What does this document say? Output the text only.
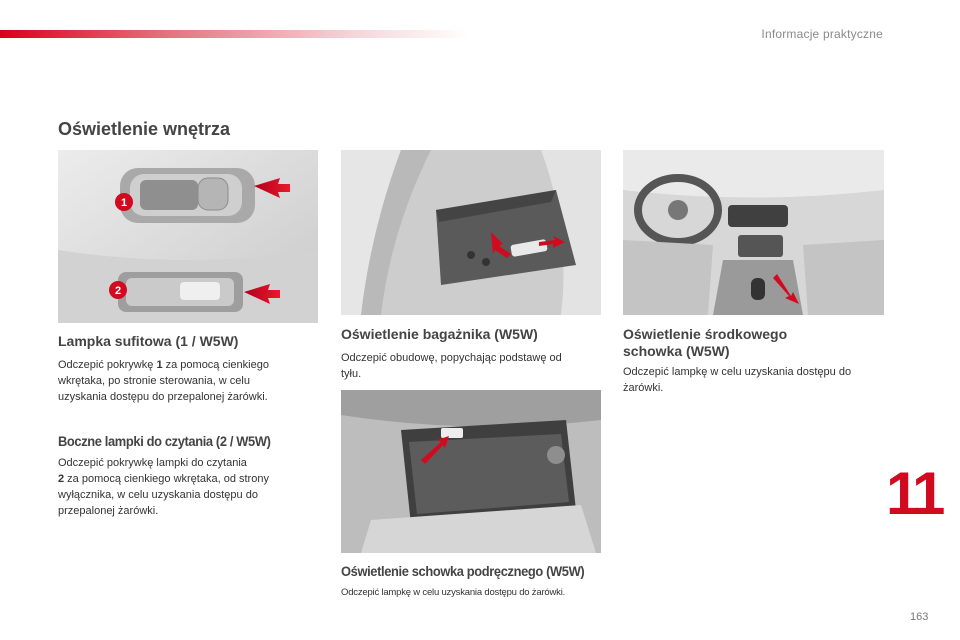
Informacje praktyczne
Oświetlenie wnętrza
1
2
Lampka sufitowa (1 / W5W)

Odczepić pokrywkę 1 za pomocą cienkiego
wkrętaka, po stronie sterowania, w celu
uzyskania dostępu do przepalonej żarówki.

Boczne lampki do czytania (2 / W5W)

Odczepić pokrywkę lampki do czytania
2 za pomocą cienkiego wkrętaka, od strony
wyłącznika, w celu uzyskania dostępu do
przepalonej żarówki.

Oświetlenie bagażnika (W5W)

Odczepić obudowę, popychając podstawę od
tyłu.

Oświetlenie schowka podręcznego (W5W)

Odczepić lampkę w celu uzyskania dostępu do żarówki.

Oświetlenie środkowego
schowka (W5W)

Odczepić lampkę w celu uzyskania dostępu do
żarówki.

11
163
